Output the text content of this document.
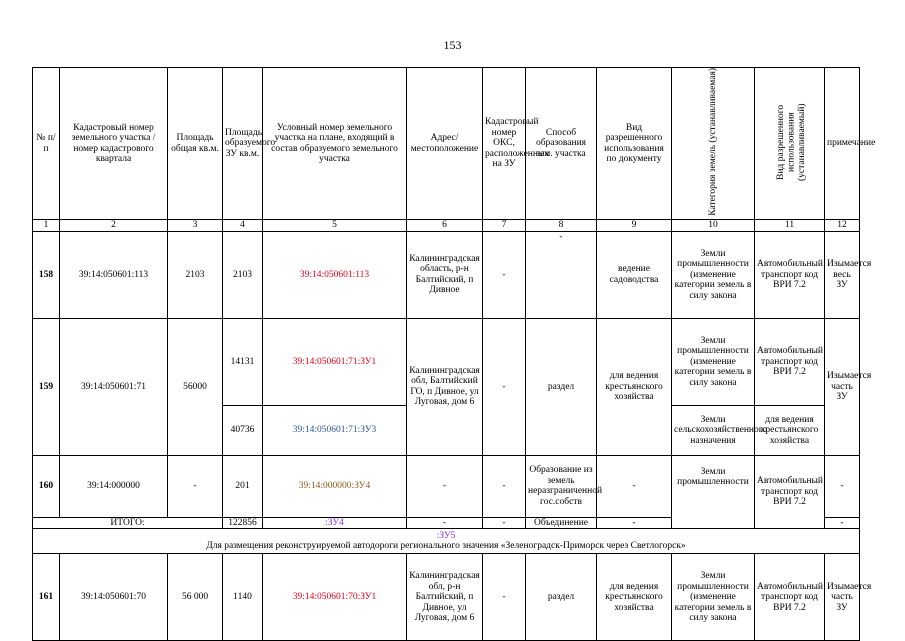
153
№ п/п	Кадастровый номер земельного участка /номер кадастрового квартала	Площадь общая кв.м.	Площадь образуемого ЗУ кв.м.	Условный номер земельного участка на плане, входящий в состав образуемого земельного участка	Адрес/ местоположение	Кадастровый номер ОКС, расположенных на ЗУ	Способ образования зем. участка	Вид разрешенного использования по документу	Категория земель (устанавливаемая)	Вид разрешенного использования (устанавливаемый)	примечание
1	2	3	4	5	6	7	8	9	10	11	12
158	39:14:050601:113	2103	2103	39:14:050601:113	Калининградская область, р-н Балтийский, п Дивное	-	-	ведение садоводства	Земли промышленности (изменение категории земель в силу закона	Автомобильный транспорт код ВРИ 7.2	Изымается весь ЗУ
159	39:14:050601:71	56000	14131	39:14:050601:71:ЗУ1	Калининградская обл, Балтийский ГО, п Дивное, ул Луговая, дом 6	-	раздел	для ведения крестьянского хозяйства	Земли промышленности (изменение категории земель в силу закона	Автомобильный транспорт код ВРИ 7.2	Изымается часть ЗУ
			40736	39:14:050601:71:ЗУ3					Земли сельскохозяйственного назначения	для ведения крестьянского хозяйства	
160	39:14:000000	-	201	39:14:000000:ЗУ4	-	-	Образование из земель неразграниченной гос.собств	-	Земли промышленности	Автомобильный транспорт код ВРИ 7.2	-
ИТОГО:			122856	:ЗУ4	-	-	Объединение	-			-

:ЗУ5
Для размещения реконструируемой автодороги регионального значения «Зеленоградск-Приморск через Светлогорск»											

161	39:14:050601:70	56 000	1140	39:14:050601:70:ЗУ1	Калининградская обл, р-н Балтийский, п Дивное, ул Луговая, дом 6	-	раздел	для ведения крестьянского хозяйства	Земли промышленности (изменение категории земель в силу закона	Автомобильный транспорт код ВРИ 7.2	Изымается часть ЗУ
